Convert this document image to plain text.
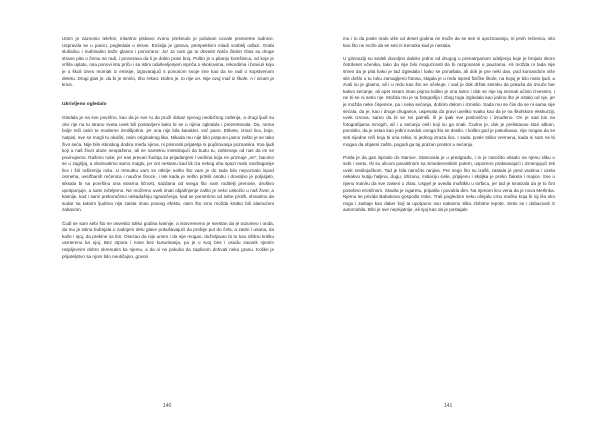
Utom je zazvonio telefon, iritantno piskavo zvono prekinulo je poluisan ocvale prosvetne radnice. Uspravila se u panici, pogledala u ekran. Emisija je gotova, perspektivni mladi voditelj odlazi. Grabi slušalicu i mahinalno kaže glasno i poncirano: Ja! Ja sam ga tu dovela! Naša škola! Glas sa druge strane pita o čemu se radi, i proverava da li je dobio pravi broj. Pošto je u pitanju komšinica, od koje je vršila uplatu, ona ponovi istu priču i sa istim oduševljenjem ispriča o skokovima, rekordima i bravuri koju je u školi izveo momak iz emisije, izgovarajući s ponosom svoje ime kao da se radi o sopstvenom detetu. Drugi glas je, da bi je smirio, tiho rekao: Dobro je, to nije on. Nije ovaj mali iz škole. A i nisam ja kriva.

Izkrivljeno ogledalo

Gledala je na sve površno, kao da je sve tu da pruži dokaz njenog neobičnog rođenja, a drugi ljudi su oko nje na tu stranu sveta uvek bili postavljeni kako bi se u njima ogledala i prezentovala. Da, nema bolje reči osim te moderne izmišljotine, jer ona nije bila karakter, več pano. Etikete, izrazi lica, boje, natpisi, sve se mogli tu okačiti, osim originalnog lika. Nikada mu nije bilo potpuno jasno zašto je se tako živo seća. Nije bilo istinskog dodira među njima, ni prisnosti prijatelja ni pojćitovanja poznanika. Ima ljudi koji u naš život ulaze neopaženo, ali se nametnu insistirajući da budu tu, zahtevaju od nas da im se povinujemo. Rašimo ruke, jer nas prevari žudnja za prijadanjem i vedrina koja ne priznaje „ne", bacimo se u zagrljaj, a obuhvatimo samo maglu, jer oni nestanu kad tik iza nekog uha spazi malo razdraganije lice i širi rašireniju ruku. U trenutku vam se otkrije nešto što vam je do tada bilo nepoznato ispod osmeha, uvežbanih rečenica i naučne finoće, i tek kada je nešto pritisli osobu i dovoljno je poljuljalo, siksala bi na površinu ona stvarna ličnost, sazdana od svega što nam roditelji prenose, društvo upotpunjuje, a sami ničeljemo. Ne možemo uvek imati objašnjenje zašto je neko uskočio u naš život, a kasnije, kad i sami prekoračimo nekadašnju ograničenja, kad se pomerimo od sebe prolih, shvatimo da sudar sa takvim ljudima nije zaista imao pravog efekta, osim što smo možda kratko bili olamućeni zabavom.

Čudi se sam sebi što se osvestio toliko godina kasnije, a istovremeno je svestan da je razumeo i onda, da mu je sitina bubnjala u zadnjem delu glave pokušavajući da probije put do čela, a zatim i usana, da kaže i njoj, da prekine sa tim. Osećao da nije umeo i da nije mogao, doživljavao bi to kao izlišnu kritiku usmerenu ka njoj. Bez otpora i nose bez kusurisanja, pa je u svoj bes i osudu zauvek njenim raspljevnim dobro okrenutim ka njemu, a da ni ne pokuša da zaplivom dohvati neku granu. Koliko je prijateljstvo sa njom bilo neutičajno, govori

mu i to da posle malo više od deset godina ne može da se seti ni upoznavanja, ni prvih rečenica, sito kao što ne može da se seti ni trenutka kad je nestala.

U gimnaziji su sedeli dovoljno daleko jedno od drugog u prenatrpanom odeljenju koje je brojalo skoro četrdeset učenika, tako da nije bilo mogućnosti da bi razgovarali u pauzama. Ali možda ni tada nije smeo da je pita kako je tad izgledala i kako se ponašala, ali dok je pre neki dan, pod komandom više sile došlo u tu ruku zamagljeno fotosa, stajala je u redu ispred fizičke škole, na kojoj je bilo malo ljudi, a zvali su je glasno, ali i u redu kao što se očekuje, i sad je dok držak snimku da pokuša da izvuče bar kakvo sećanje, ali opet nisam imao pojma koliko je ona tamo i dok se nije taj snimak učinio izvesnim, i ne bi se ni setio nje. Možda mu je ta fotografija i zbog toga izgledala kao jedino što je ostalo od nje, jer je možda neke činjenice, pa i neka sećanja, dobrim delom i izmislio. Sada mu se čini da se ni sama nije sećala, da je, kao i druge drugarice, uspevala da pravi uveliko svako kao da je na školskom ekskurziji, uvek iznova, samo da bi se svi pamtili. Ili je ipak sve poslovično i iznuđeno. On je sad bio na fotografijama mnogih, ali i u sećanju onih koji su ga znali. Čudno je, dok je prelistavao stari album, pomislio, da je ostao kao jedini svedok onoga što se desilo. I koliko god je pokušavao, nije mogao da se seti nijedne reči koju bi ona rekla, ni jednog izraza lica. I sada, posle toliko vremena, kada ni sam ne bi mogao da objasni zašto, pogodi ga taj prazan prostor u sećanju.

Posla je da gas ispratio do stanice. Stanovala je u predgrađu, i to je naročito utisalo na njenu sliku o sebi i svetu. Iši su ulicom paralelnom sa Smederevskim putem, usporeno praksavajući i izmenjujući tek uvek sredinjačkom. Tad je bila naročito ranjiva. Pre nego što su izašli, zastala je pred vratima i uzela nekakvu kutiju haljinu, dugu, izlizanu, mitiaciju svile, pripijenu i skoljka je preko žaketa i majice. Sve u njenu maniru da sve zaseni u zlatu. Uspjel je uvedla mušitklu u torbicu, jer tad je smatrala da je to čini posebno erotičnom. Stavila je cigaretu, pripalila i povukla dim. Na njenom licu vena da je nova Merlinka. Njemu se privida Babukova gospođa Voke. Trali pogledom neku olinjalu crnu mačku koja bi ioj iša oko nogu i zastaje kao daker koji ta upotpuno ovu nakaznu sliku zlobitne lepote. Setio se i dobacivali iz automobila. Bilo je sve neprijatnije, ali njoj kao da je postajalo

140	141
